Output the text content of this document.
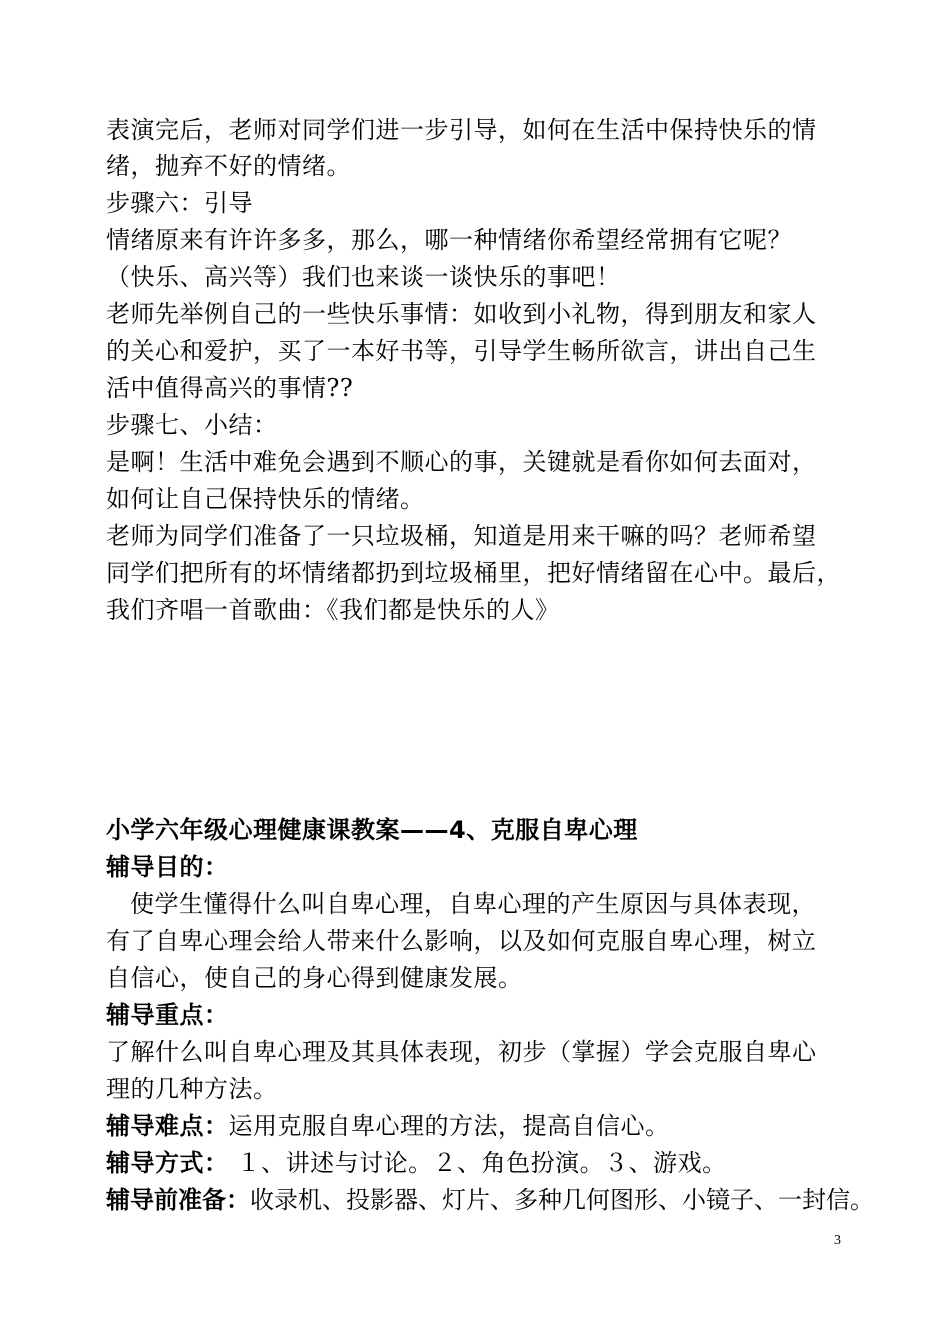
表演完后，老师对同学们进一步引导，如何在生活中保持快乐的情
绪，抛弃不好的情绪。
步骤六：引导
情绪原来有许许多多，那么，哪一种情绪你希望经常拥有它呢？
（快乐、高兴等）我们也来谈一谈快乐的事吧！
老师先举例自己的一些快乐事情：如收到小礼物，得到朋友和家人
的关心和爱护，买了一本好书等，引导学生畅所欲言，讲出自己生
活中值得高兴的事情??
步骤七、小结：
是啊！生活中难免会遇到不顺心的事，关键就是看你如何去面对，
如何让自己保持快乐的情绪。
老师为同学们准备了一只垃圾桶，知道是用来干嘛的吗？老师希望
同学们把所有的坏情绪都扔到垃圾桶里，把好情绪留在心中。最后，
我们齐唱一首歌曲：《我们都是快乐的人》
小学六年级心理健康课教案——4、克服自卑心理
辅导目的：
使学生懂得什么叫自卑心理，自卑心理的产生原因与具体表现，
有了自卑心理会给人带来什么影响，以及如何克服自卑心理，树立
自信心，使自己的身心得到健康发展。
辅导重点：
了解什么叫自卑心理及其具体表现，初步（掌握）学会克服自卑心
理的几种方法。
辅导难点：运用克服自卑心理的方法，提高自信心。
辅导方式： １、讲述与讨论。２、角色扮演。３、游戏。
辅导前准备：收录机、投影器、灯片、多种几何图形、小镜子、一封信。
3
